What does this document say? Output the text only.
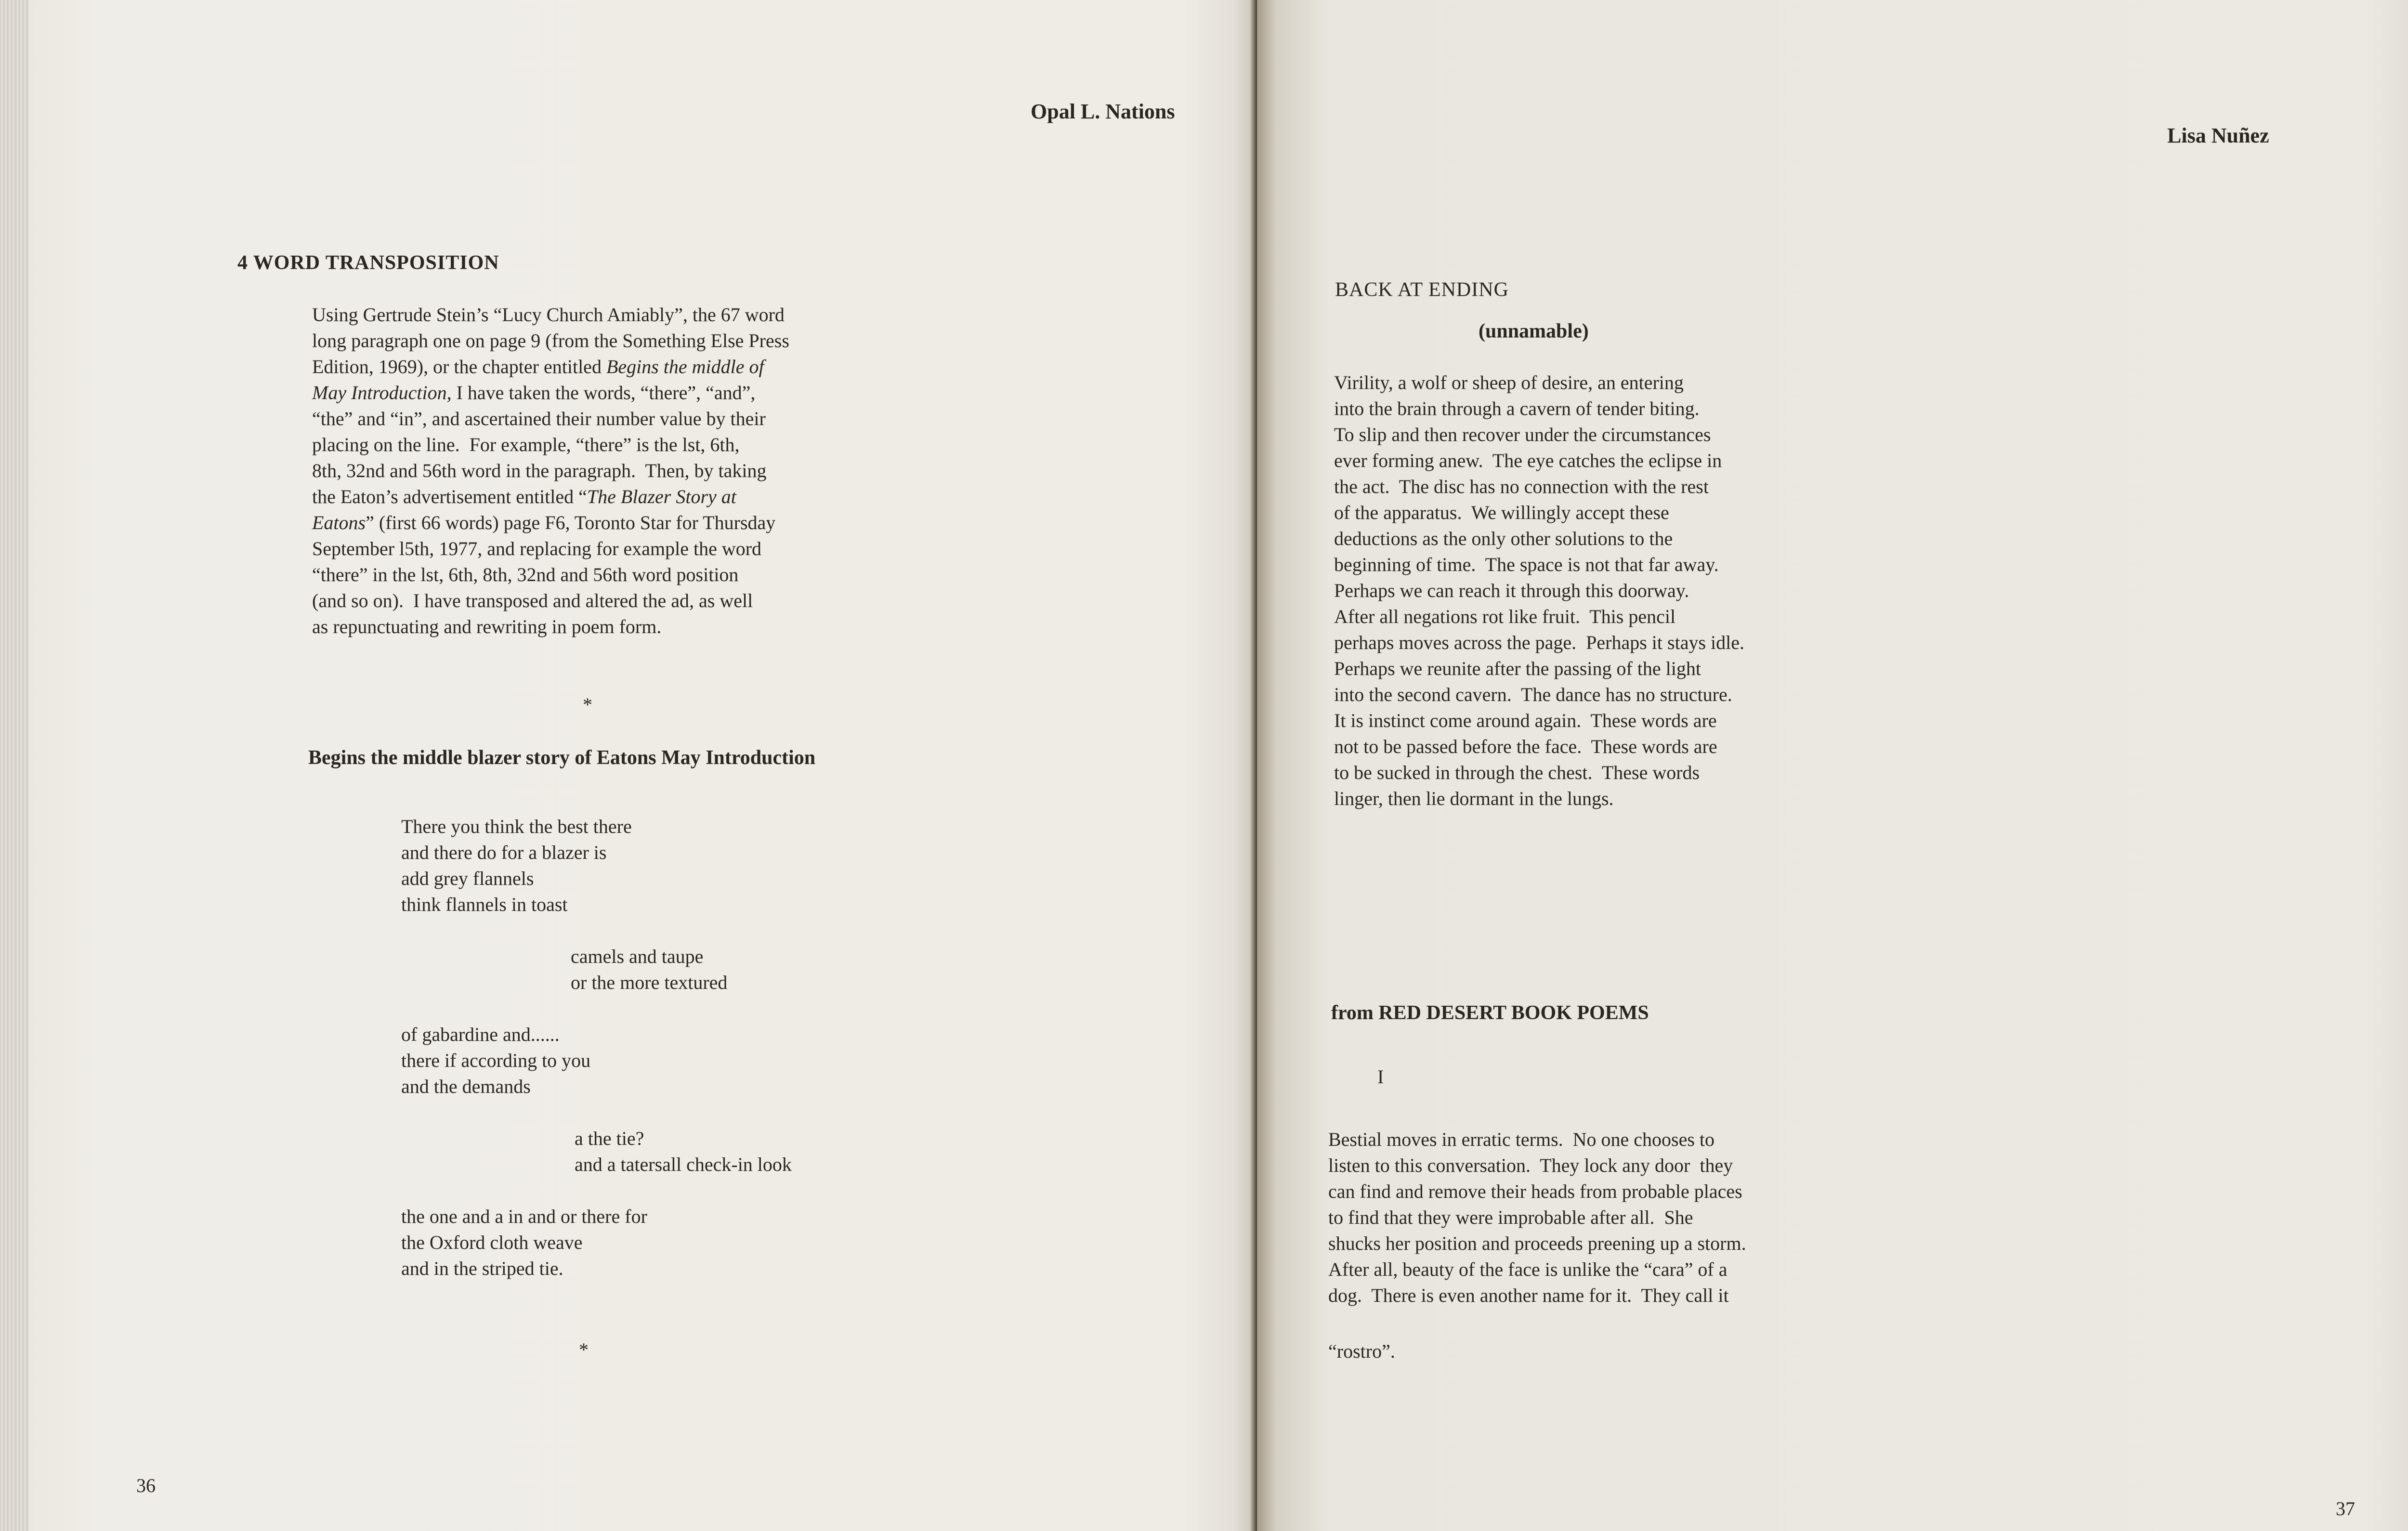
Opal L. Nations

4 WORD TRANSPOSITION

Using Gertrude Stein’s “Lucy Church Amiably”, the 67 word

long paragraph one on page 9 (from the Something Else Press

Edition, 1969), or the chapter entitled Begins the middle of

May Introduction, I have taken the words, “there”, “and”,

“the” and “in”, and ascertained their number value by their

placing on the line.  For example, “there” is the lst, 6th,

8th, 32nd and 56th word in the paragraph.  Then, by taking

the Eaton’s advertisement entitled “The Blazer Story at

Eatons” (first 66 words) page F6, Toronto Star for Thursday

September l5th, 1977, and replacing for example the word

“there” in the lst, 6th, 8th, 32nd and 56th word position

(and so on).  I have transposed and altered the ad, as well

as repunctuating and rewriting in poem form.

*

Begins the middle blazer story of Eatons May Introduction

There you think the best there

and there do for a blazer is

add grey flannels

think flannels in toast

camels and taupe

or the more textured

of gabardine and......

there if according to you

and the demands

a the tie?

and a tatersall check-in look

the one and a in and or there for

the Oxford cloth weave

and in the striped tie.

*

36

Lisa Nuñez

BACK AT ENDING

(unnamable)

Virility, a wolf or sheep of desire, an entering

into the brain through a cavern of tender biting.

To slip and then recover under the circumstances

ever forming anew.  The eye catches the eclipse in

the act.  The disc has no connection with the rest

of the apparatus.  We willingly accept these

deductions as the only other solutions to the

beginning of time.  The space is not that far away.

Perhaps we can reach it through this doorway.

After all negations rot like fruit.  This pencil

perhaps moves across the page.  Perhaps it stays idle.

Perhaps we reunite after the passing of the light

into the second cavern.  The dance has no structure.

It is instinct come around again.  These words are

not to be passed before the face.  These words are

to be sucked in through the chest.  These words

linger, then lie dormant in the lungs.

from RED DESERT BOOK POEMS

I

Bestial moves in erratic terms.  No one chooses to

listen to this conversation.  They lock any door  they

can find and remove their heads from probable places

to find that they were improbable after all.  She

shucks her position and proceeds preening up a storm.

After all, beauty of the face is unlike the “cara” of a

dog.  There is even another name for it.  They call it

“rostro”.

37
